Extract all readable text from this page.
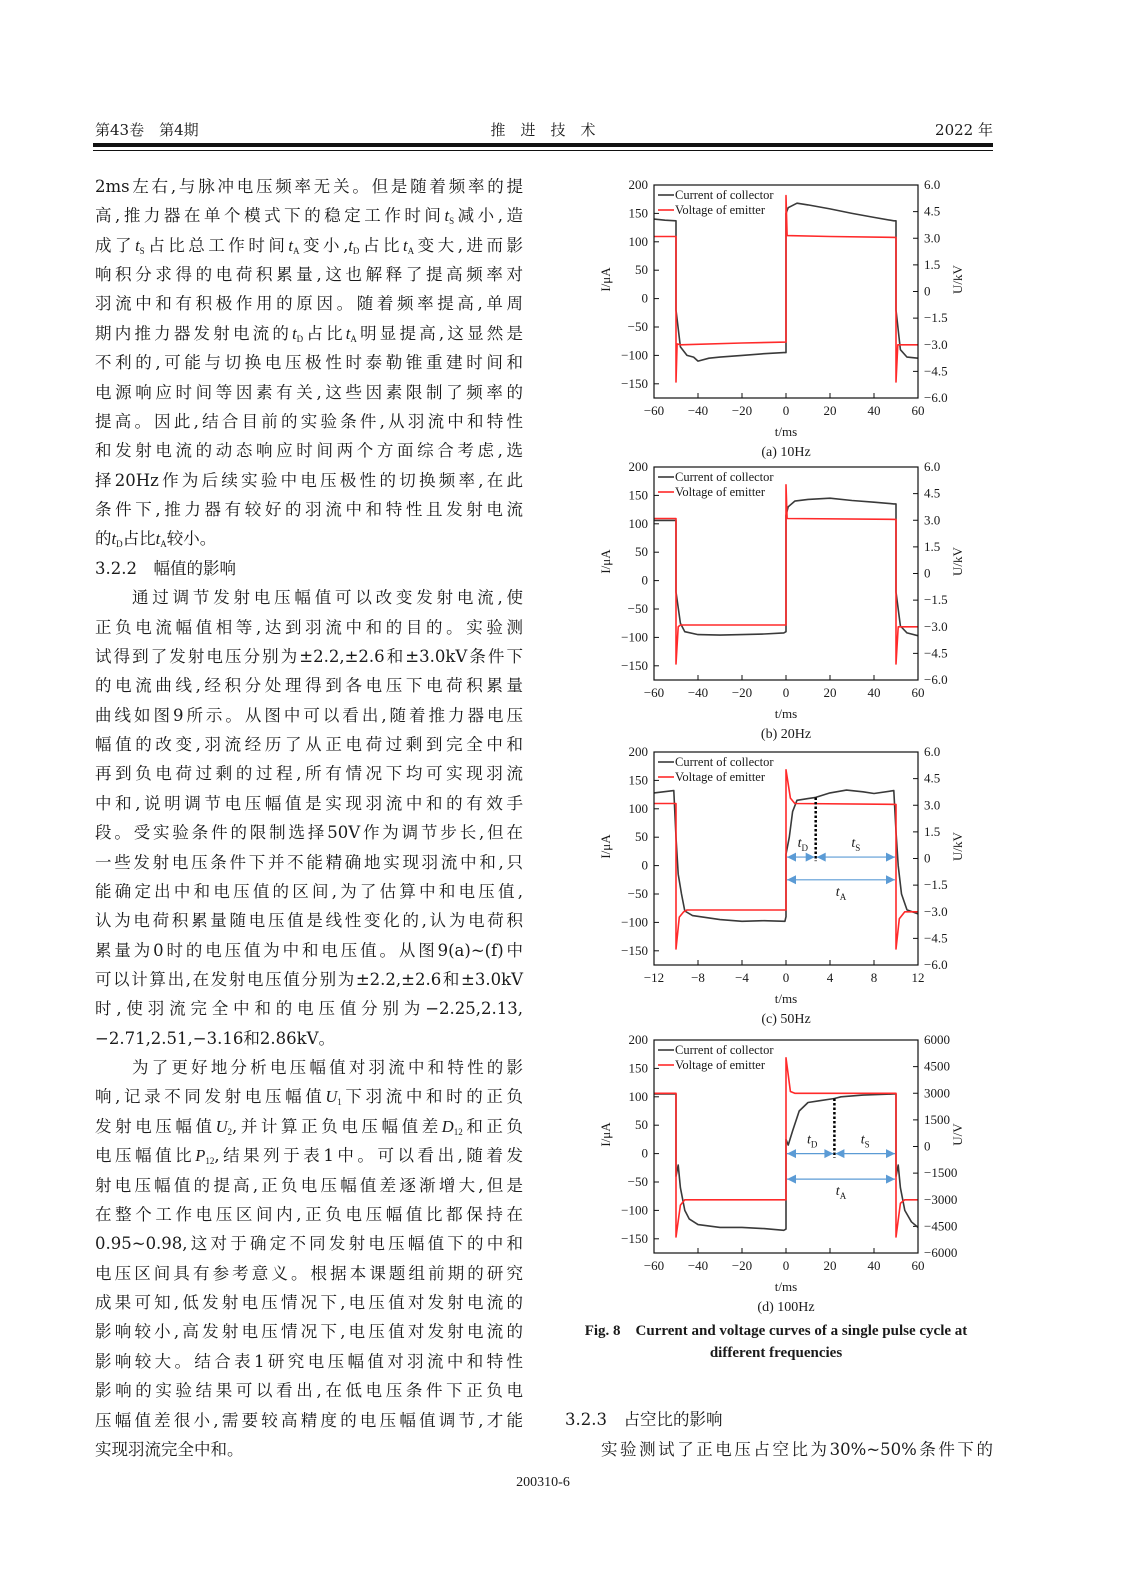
第43卷　第4期	推　进　技　术	2022 年
2ms左右,与脉冲电压频率无关。但是随着频率的提
高,推力器在单个模式下的稳定工作时间$t_S$减小,造
成了$t_S$占比总工作时间$t_A$变小$,t_D$占比$t_A$变大,进而影
响积分求得的电荷积累量,这也解释了提高频率对
羽流中和有积极作用的原因。随着频率提高,单周
期内推力器发射电流的$t_D$占比$t_A$明显提高,这显然是
不利的,可能与切换电压极性时泰勒锥重建时间和
电源响应时间等因素有关,这些因素限制了频率的
提高。因此,结合目前的实验条件,从羽流中和特性
和发射电流的动态响应时间两个方面综合考虑,选
择20Hz作为后续实验中电压极性的切换频率,在此
条件下,推力器有较好的羽流中和特性且发射电流
的$t_D$占比$t_A$较小。
3.2.2　幅值的影响
通过调节发射电压幅值可以改变发射电流,使
正负电流幅值相等,达到羽流中和的目的。实验测
试得到了发射电压分别为±2.2,±2.6和±3.0kV条件下
的电流曲线,经积分处理得到各电压下电荷积累量
曲线如图9所示。从图中可以看出,随着推力器电压
幅值的改变,羽流经历了从正电荷过剩到完全中和
再到负电荷过剩的过程,所有情况下均可实现羽流
中和,说明调节电压幅值是实现羽流中和的有效手
段。受实验条件的限制选择50V作为调节步长,但在
一些发射电压条件下并不能精确地实现羽流中和,只
能确定出中和电压值的区间,为了估算中和电压值,
认为电荷积累量随电压值是线性变化的,认为电荷积
累量为0时的电压值为中和电压值。从图9(a)~(f)中
可以计算出,在发射电压值分别为±2.2,±2.6和±3.0kV
时,使羽流完全中和的电压值分别为−2.25,2.13,
−2.71,2.51,−3.16和2.86kV。
为了更好地分析电压幅值对羽流中和特性的影
响,记录不同发射电压幅值$U_1$下羽流中和时的正负
发射电压幅值$U_2$,并计算正负电压幅值差$D_{12}$和正负
电压幅值比$P_{12}$,结果列于表1中。可以看出,随着发
射电压幅值的提高,正负电压幅值差逐渐增大,但是
在整个工作电压区间内,正负电压幅值比都保持在
0.95~0.98,这对于确定不同发射电压幅值下的中和
电压区间具有参考意义。根据本课题组前期的研究
成果可知,低发射电压情况下,电压值对发射电流的
影响较小,高发射电压情况下,电压值对发射电流的
影响较大。结合表1研究电压幅值对羽流中和特性
影响的实验结果可以看出,在低电压条件下正负电
压幅值差很小,需要较高精度的电压幅值调节,才能
实现羽流完全中和。
−60 −40 −20 0	20 40 60
200
150
100
50
0
−50
−100
−150
6.0
4.5
3.0
1.5
0
−1.5
−3.0
−4.5
−6.0
t/ms
I/μA	U/kV
(a) 10Hz
Current of collector
Voltage of emitter
−60 −40 −20 0	20 40 60
200
150
100
50
0
−50
−100
−150
6.0
4.5
3.0
1.5
0
−1.5
−3.0
−4.5
−6.0
t/ms
I/μA	U/kV
(b) 20Hz
Current of collector
Voltage of emitter
−12 −8 −4	0	4	8	12
200
150
100
50
0
−50
−100
−150
6.0
4.5
3.0
1.5
0
−1.5
−3.0
−4.5
−6.0
t/ms
I/μA	U/kV
(c) 50Hz
$t_D$	$t_S$
$t_A$
Current of collector
Voltage of emitter
−60 −40 −20 0	20 40 60
200
150
100
50
0
−50
−100
−150
6000
4500
3000
1500
0
−1500
−3000
−4500
−6000
t/ms
I/μA	U/V
(d) 100Hz
$t_D$	$t_S$
$t_A$
Current of collector
Voltage of emitter
Fig. 8　Current and voltage curves of a single pulse cycle at
different frequencies
3.2.3　占空比的影响
实验测试了正电压占空比为30%~50%条件下的
200310-6
